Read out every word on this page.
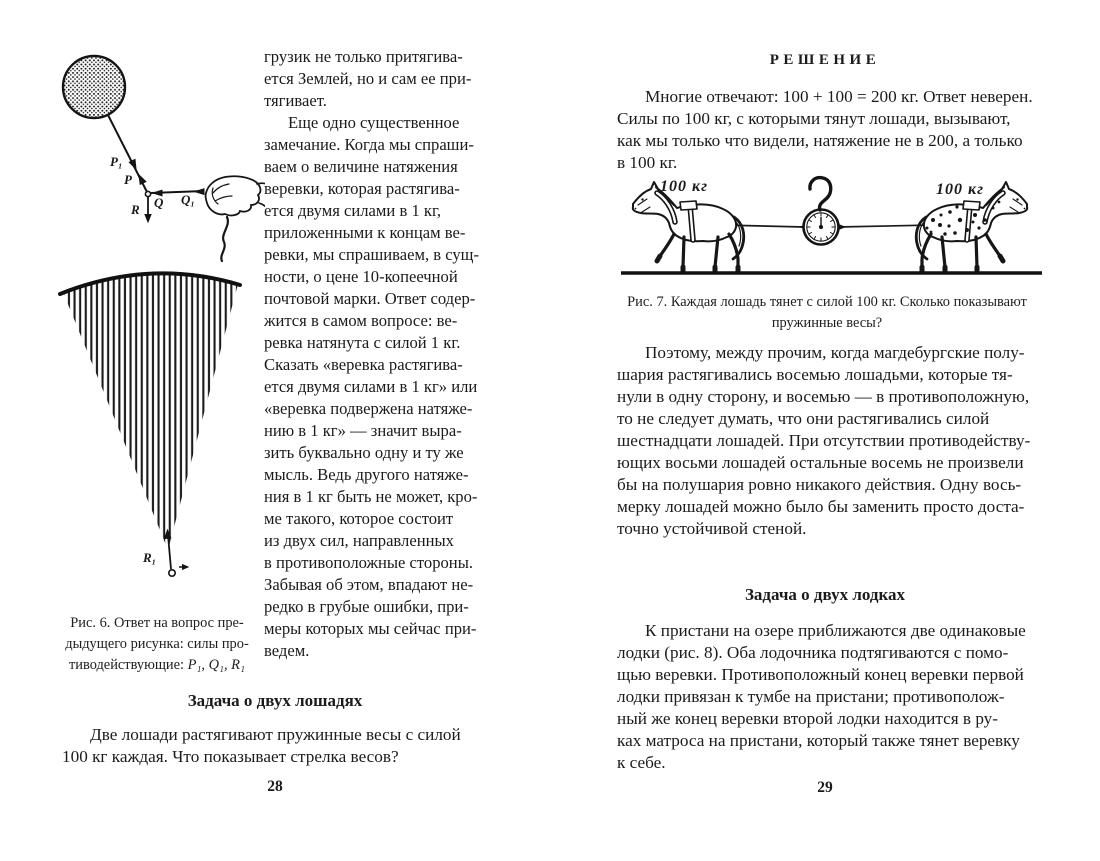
P₁
P
Q Q₁
R
R₁

грузик не только притягива-
ется Землей, но и сам ее при-
тягивает.

Еще одно существенное
замечание. Когда мы спраши-
ваем о величине натяжения
веревки, которая растягива-
ется двумя силами в 1 кг,
приложенными к концам ве-
ревки, мы спрашиваем, в сущ-
ности, о цене 10-копеечной
почтовой марки. Ответ содер-
жится в самом вопросе: ве-
ревка натянута с силой 1 кг.
Сказать «веревка растягива-
ется двумя силами в 1 кг» или
«веревка подвержена натяже-
нию в 1 кг» — значит выра-
зить буквально одну и ту же
мысль. Ведь другого натяже-
ния в 1 кг быть не может, кро-
ме такого, которое состоит
из двух сил, направленных
в противоположные стороны.
Забывая об этом, впадают не-
редко в грубые ошибки, при-
меры которых мы сейчас при-
ведем.

Рис. 6. Ответ на вопрос пре-
дыдущего рисунка: силы про-
тиводействующие: P₁, Q₁, R₁

Задача о двух лошадях

Две лошади растягивают пружинные весы с силой
100 кг каждая. Что показывает стрелка весов?

28
РЕШЕНИЕ

Многие отвечают: 100 + 100 = 200 кг. Ответ неверен.
Силы по 100 кг, с которыми тянут лошади, вызывают,
как мы только что видели, натяжение не в 200, а только
в 100 кг.

100 кг	100 кг
Рис. 7. Каждая лошадь тянет с силой 100 кг. Сколько показывают
пружинные весы?

Поэтому, между прочим, когда магдебургские полу-
шария растягивались восемью лошадьми, которые тя-
нули в одну сторону, и восемью — в противоположную,
то не следует думать, что они растягивались силой
шестнадцати лошадей. При отсутствии противодейству-
ющих восьми лошадей остальные восемь не произвели
бы на полушария ровно никакого действия. Одну вось-
мерку лошадей можно было бы заменить просто доста-
точно устойчивой стеной.

Задача о двух лодках

К пристани на озере приближаются две одинаковые
лодки (рис. 8). Оба лодочника подтягиваются с помо-
щью веревки. Противоположный конец веревки первой
лодки привязан к тумбе на пристани; противополож-
ный же конец веревки второй лодки находится в ру-
ках матроса на пристани, который также тянет веревку
к себе.

29
